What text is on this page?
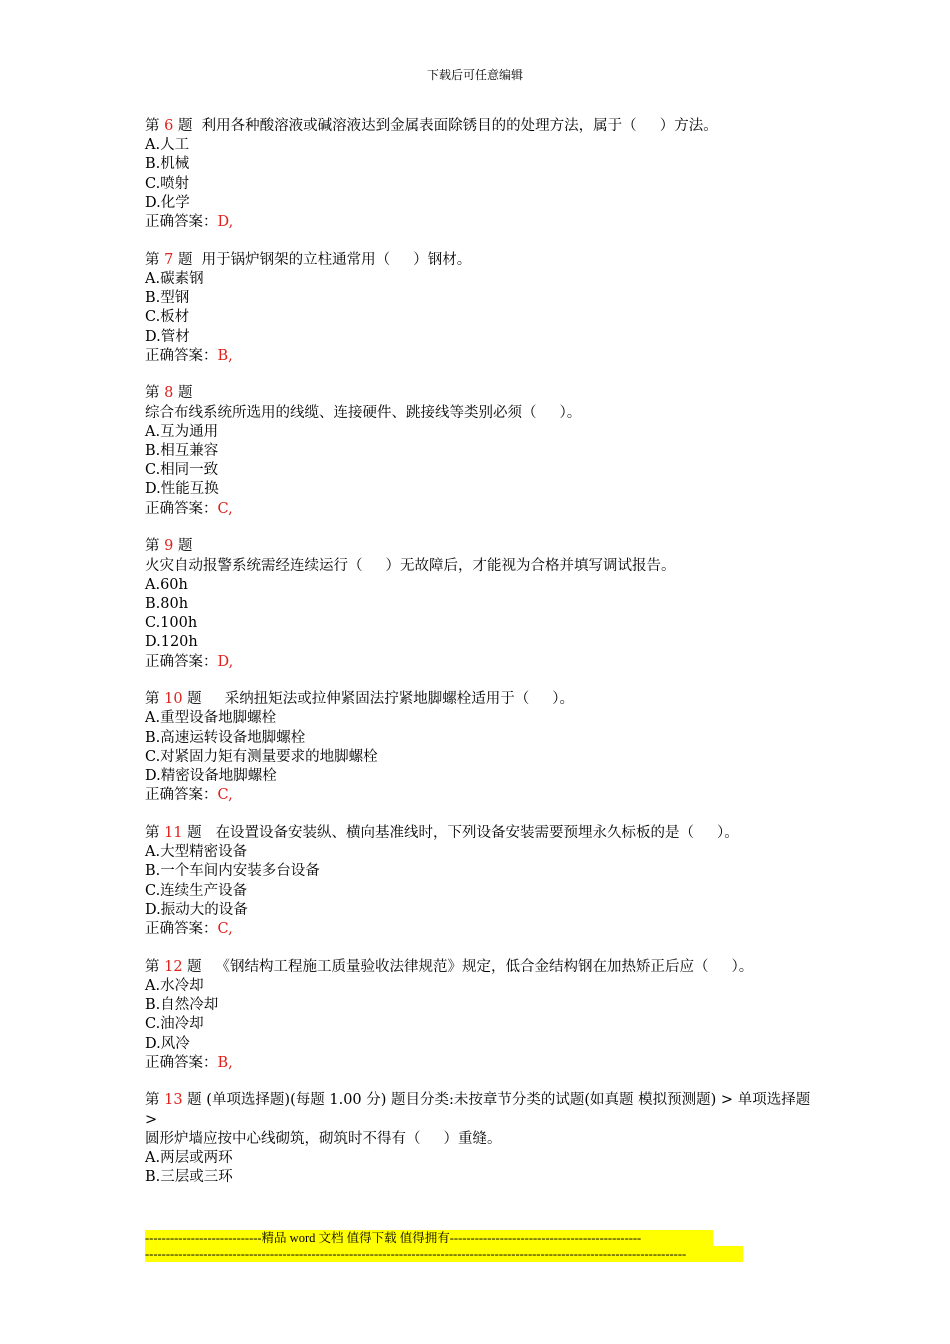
下载后可任意编辑
第 6 题  利用各种酸溶液或碱溶液达到金属表面除锈目的的处理方法，属于（     ）方法。
A.人工
B.机械
C.喷射
D.化学
正确答案：D,
第 7 题  用于锅炉钢架的立柱通常用（     ）钢材。
A.碳素钢
B.型钢
C.板材
D.管材
正确答案：B,
第 8 题
综合布线系统所选用的线缆、连接硬件、跳接线等类别必须（     ）。
A.互为通用
B.相互兼容
C.相同一致
D.性能互换
正确答案：C,
第 9 题
火灾自动报警系统需经连续运行（     ）无故障后，才能视为合格并填写调试报告。
A.60h
B.80h
C.100h
D.120h
正确答案：D,
第 10 题     采纳扭矩法或拉伸紧固法拧紧地脚螺栓适用于（     ）。
A.重型设备地脚螺栓
B.高速运转设备地脚螺栓
C.对紧固力矩有测量要求的地脚螺栓
D.精密设备地脚螺栓
正确答案：C,
第 11 题   在设置设备安装纵、横向基准线时，下列设备安装需要预埋永久标板的是（     ）。
A.大型精密设备
B.一个车间内安装多台设备
C.连续生产设备
D.振动大的设备
正确答案：C,
第 12 题   《钢结构工程施工质量验收法律规范》规定，低合金结构钢在加热矫正后应（     ）。
A.水冷却
B.自然冷却
C.油冷却
D.风冷
正确答案：B,
第 13 题 (单项选择题)(每题 1.00 分) 题目分类:未按章节分类的试题(如真题 模拟预测题) > 单项选择题 >
圆形炉墙应按中心线砌筑，砌筑时不得有（     ）重缝。
A.两层或两环
B.三层或三环
----------------------------精品 word 文档 值得下载 值得拥有----------------------------------------------
----------------------------------------------------------------------------------------------------------------------------------
